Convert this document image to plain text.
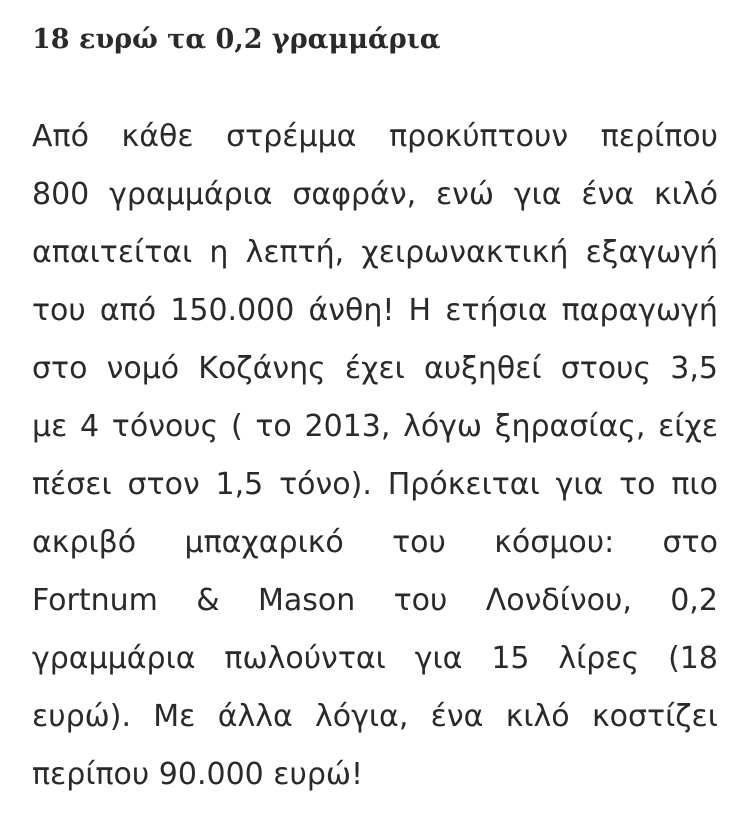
18 ευρώ τα 0,2 γραμμάρια
Από κάθε στρέμμα προκύπτουν περίπου
800 γραμμάρια σαφράν, ενώ για ένα κιλό
απαιτείται η λεπτή, χειρωνακτική εξαγωγή
του από 150.000 άνθη! Η ετήσια παραγωγή
στο νομό Κοζάνης έχει αυξηθεί στους 3,5
με 4 τόνους ( το 2013, λόγω ξηρασίας, είχε
πέσει στον 1,5 τόνο). Πρόκειται για το πιο
ακριβό μπαχαρικό του κόσμου: στο
Fortnum & Mason του Λονδίνου, 0,2
γραμμάρια πωλούνται για 15 λίρες (18
ευρώ). Με άλλα λόγια, ένα κιλό κοστίζει
περίπου 90.000 ευρώ!
